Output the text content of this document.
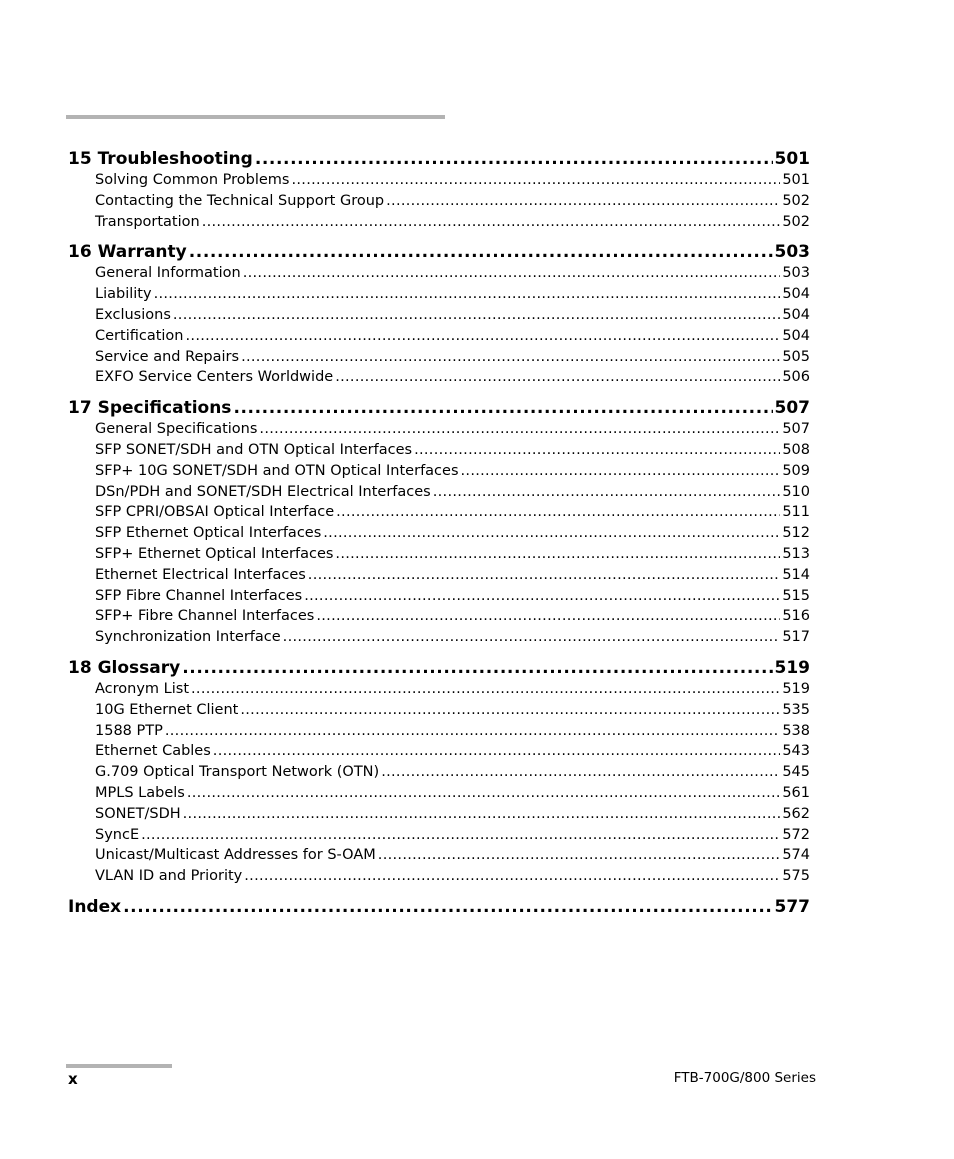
15 Troubleshooting .....	501
Solving Common Problems .....	501
Contacting the Technical Support Group .....	502
Transportation .....	502
16 Warranty .....	503
General Information .....	503
Liability .....	504
Exclusions .....	504
Certification .....	504
Service and Repairs .....	505
EXFO Service Centers Worldwide .....	506
17 Specifications .....	507
General Specifications .....	507
SFP SONET/SDH and OTN Optical Interfaces .....	508
SFP+ 10G SONET/SDH and OTN Optical Interfaces .....	509
DSn/PDH and SONET/SDH Electrical Interfaces .....	510
SFP CPRI/OBSAI Optical Interface .....	511
SFP Ethernet Optical Interfaces .....	512
SFP+ Ethernet Optical Interfaces .....	513
Ethernet Electrical Interfaces .....	514
SFP Fibre Channel Interfaces .....	515
SFP+ Fibre Channel Interfaces .....	516
Synchronization Interface .....	517
18 Glossary .....	519
Acronym List .....	519
10G Ethernet Client .....	535
1588 PTP .....	538
Ethernet Cables .....	543
G.709 Optical Transport Network (OTN) .....	545
MPLS Labels .....	561
SONET/SDH .....	562
SyncE .....	572
Unicast/Multicast Addresses for S-OAM .....	574
VLAN ID and Priority .....	575
Index .....	577
x	FTB-700G/800 Series
